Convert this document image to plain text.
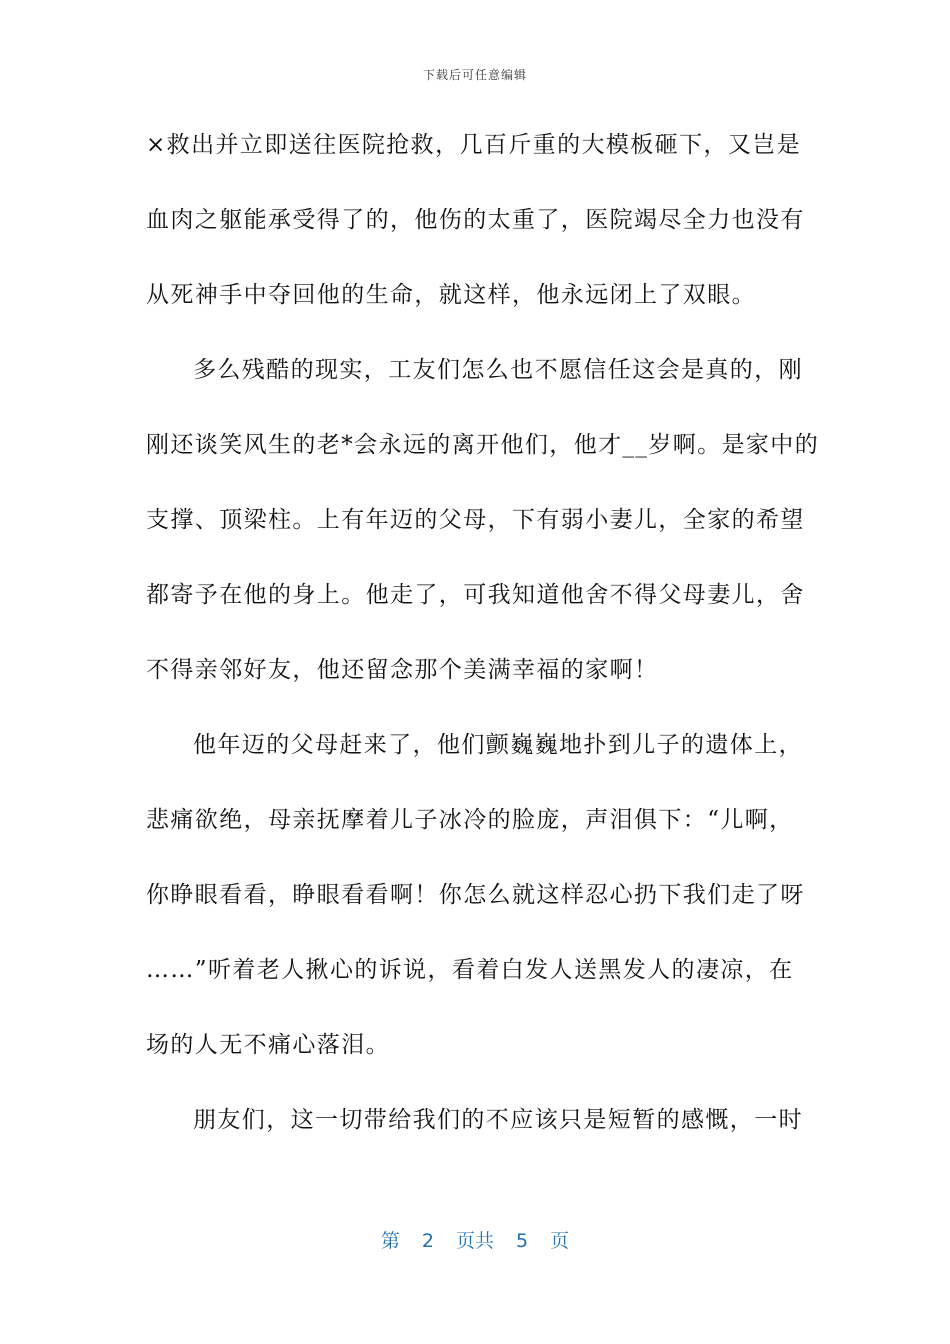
下载后可任意编辑
×救出并立即送往医院抢救，几百斤重的大模板砸下，又岂是
血肉之躯能承受得了的，他伤的太重了，医院竭尽全力也没有
从死神手中夺回他的生命，就这样，他永远闭上了双眼。
多么残酷的现实，工友们怎么也不愿信任这会是真的，刚
刚还谈笑风生的老*会永远的离开他们，他才__岁啊。是家中的
支撑、顶梁柱。上有年迈的父母，下有弱小妻儿，全家的希望
都寄予在他的身上。他走了，可我知道他舍不得父母妻儿，舍
不得亲邻好友，他还留念那个美满幸福的家啊！
他年迈的父母赶来了，他们颤巍巍地扑到儿子的遗体上，
悲痛欲绝，母亲抚摩着儿子冰冷的脸庞，声泪俱下：“儿啊，
你睁眼看看，睁眼看看啊！你怎么就这样忍心扔下我们走了呀
……”听着老人揪心的诉说，看着白发人送黑发人的凄凉，在
场的人无不痛心落泪。
朋友们，这一切带给我们的不应该只是短暂的感慨，一时
第 2 页共 5 页
